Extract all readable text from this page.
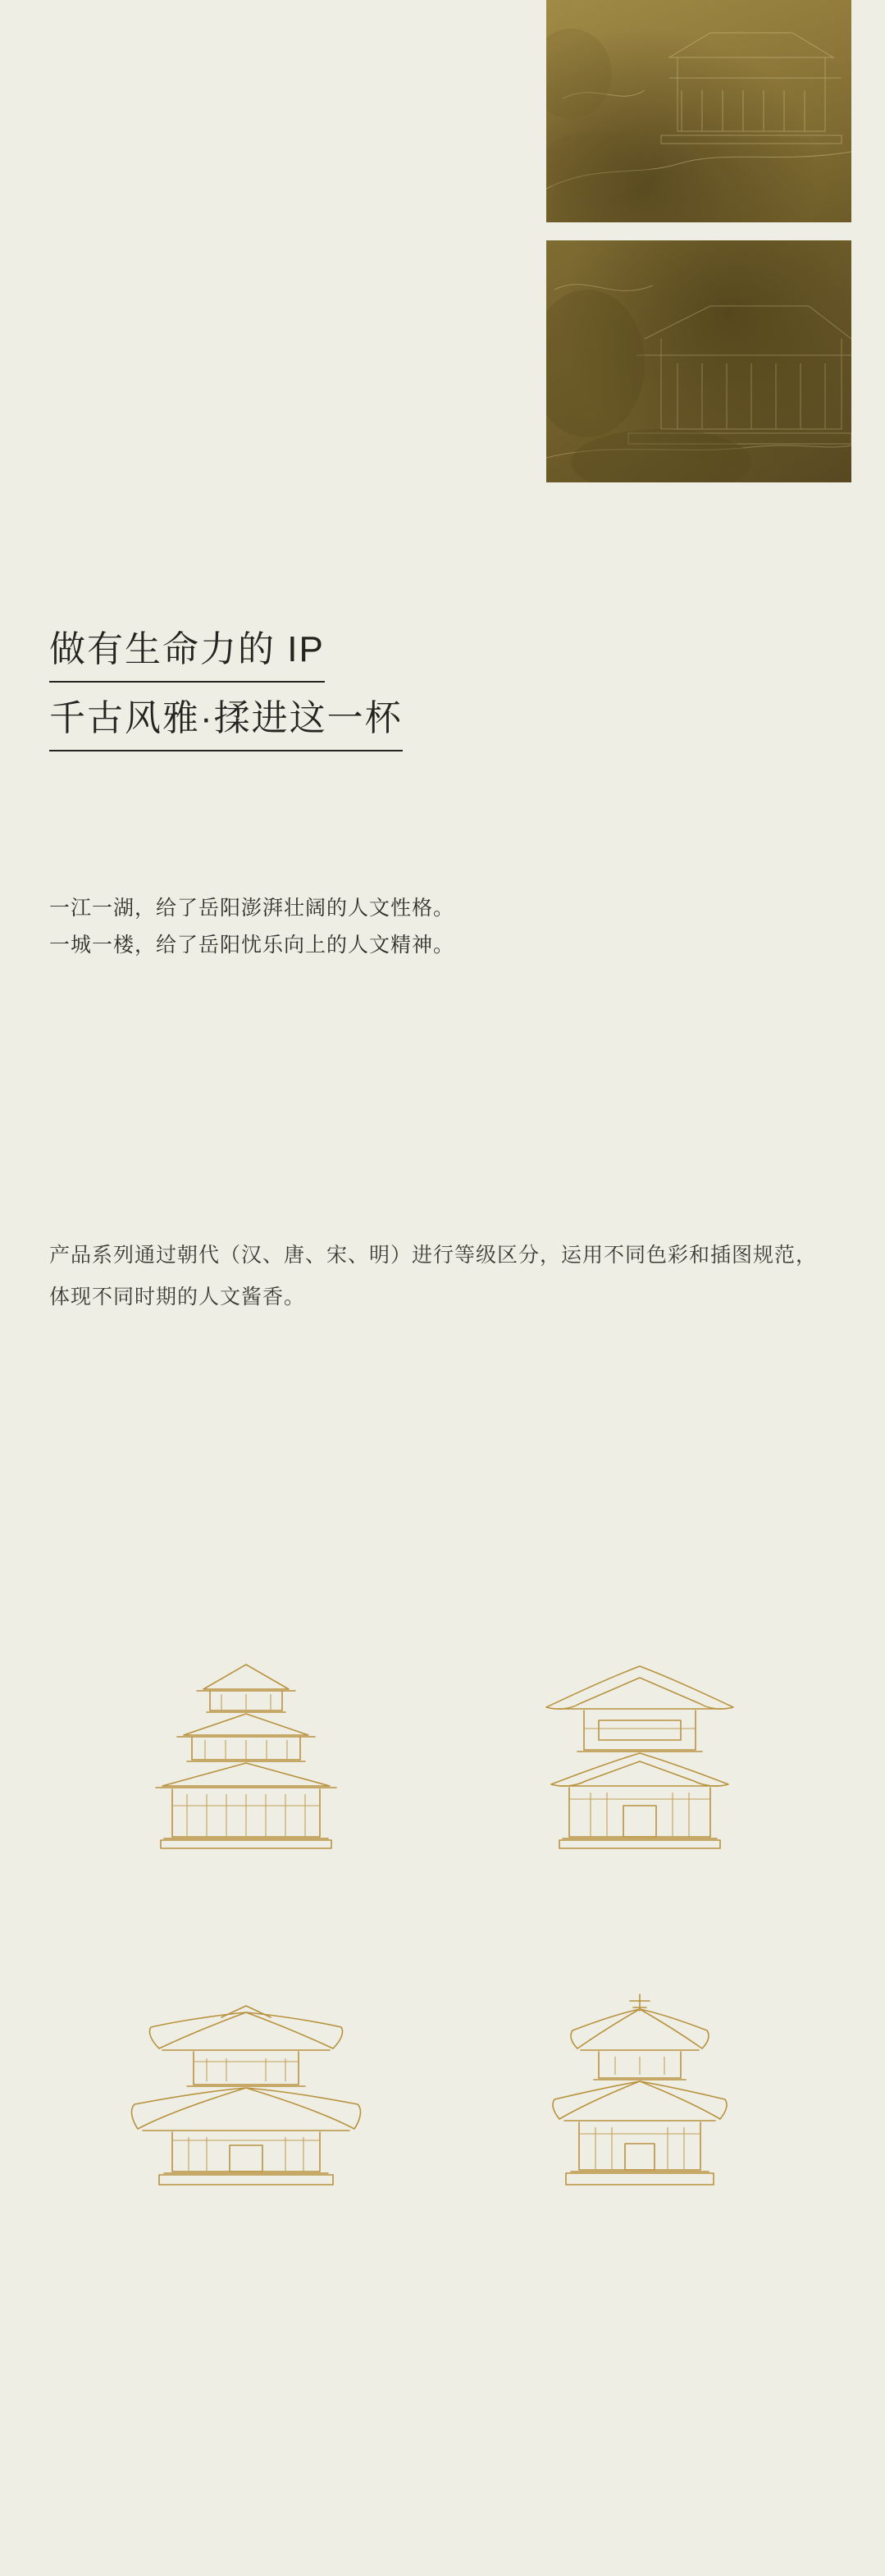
做有生命力的 IP
千古风雅·揉进这一杯
一江一湖，给了岳阳澎湃壮阔的人文性格。
一城一楼，给了岳阳忧乐向上的人文精神。
产品系列通过朝代（汉、唐、宋、明）进行等级区分，运用不同色彩和插图规范，体现不同时期的人文酱香。
